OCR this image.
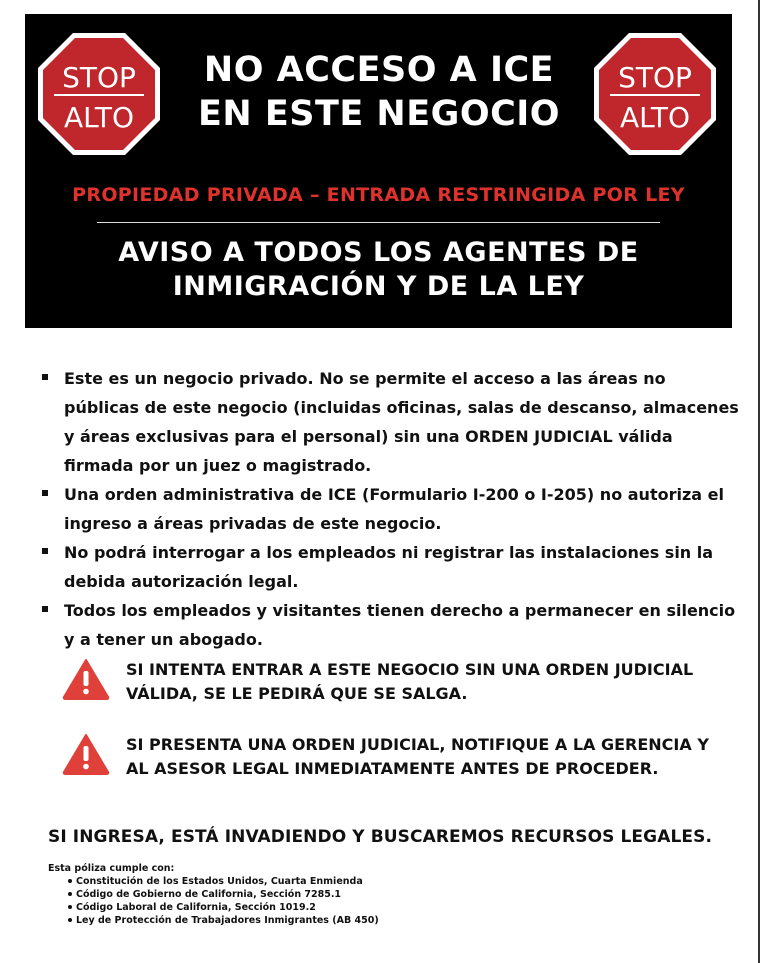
STOP
ALTO
NO ACCESO A ICE
EN ESTE NEGOCIO
STOP
ALTO
PROPIEDAD PRIVADA – ENTRADA RESTRINGIDA POR LEY
AVISO A TODOS LOS AGENTES DE
INMIGRACIÓN Y DE LA LEY
Este es un negocio privado. No se permite el acceso a las áreas no públicas de este negocio (incluidas oficinas, salas de descanso, almacenes y áreas exclusivas para el personal) sin una ORDEN JUDICIAL válida firmada por un juez o magistrado.
Una orden administrativa de ICE (Formulario I-200 o I-205) no autoriza el ingreso a áreas privadas de este negocio.
No podrá interrogar a los empleados ni registrar las instalaciones sin la debida autorización legal.
Todos los empleados y visitantes tienen derecho a permanecer en silencio y a tener un abogado.
SI INTENTA ENTRAR A ESTE NEGOCIO SIN UNA ORDEN JUDICIAL VÁLIDA, SE LE PEDIRÁ QUE SE SALGA.
SI PRESENTA UNA ORDEN JUDICIAL, NOTIFIQUE A LA GERENCIA Y AL ASESOR LEGAL INMEDIATAMENTE ANTES DE PROCEDER.
SI INGRESA, ESTÁ INVADIENDO Y BUSCAREMOS RECURSOS LEGALES.
Esta póliza cumple con:
Constitución de los Estados Unidos, Cuarta Enmienda
Código de Gobierno de California, Sección 7285.1
Código Laboral de California, Sección 1019.2
Ley de Protección de Trabajadores Inmigrantes (AB 450)
